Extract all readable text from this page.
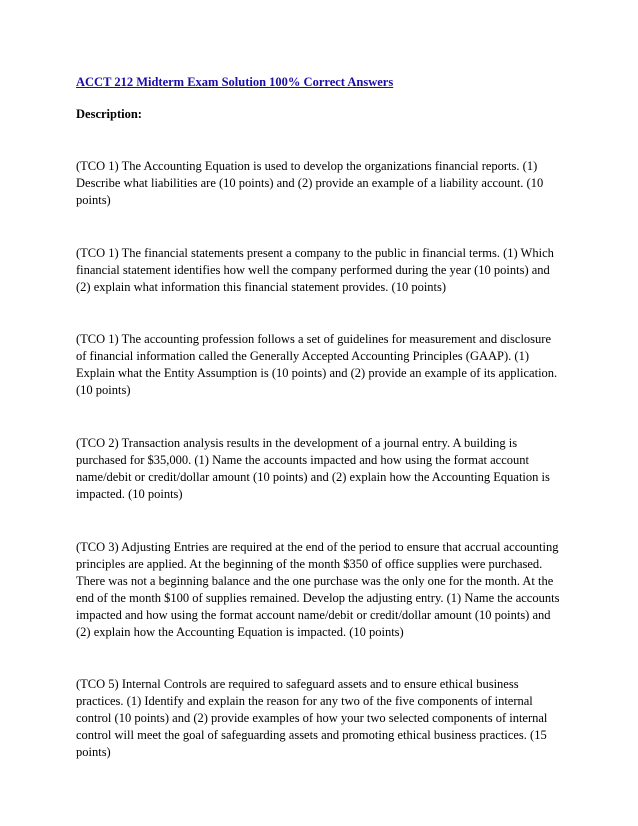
ACCT 212 Midterm Exam Solution 100% Correct Answers
Description:

(TCO 1) The Accounting Equation is used to develop the organizations financial reports. (1)
Describe what liabilities are (10 points) and (2) provide an example of a liability account. (10
points)

(TCO 1) The financial statements present a company to the public in financial terms. (1) Which
financial statement identifies how well the company performed during the year (10 points) and
(2) explain what information this financial statement provides. (10 points)

(TCO 1) The accounting profession follows a set of guidelines for measurement and disclosure
of financial information called the Generally Accepted Accounting Principles (GAAP). (1)
Explain what the Entity Assumption is (10 points) and (2) provide an example of its application.
(10 points)

(TCO 2) Transaction analysis results in the development of a journal entry. A building is
purchased for $35,000. (1) Name the accounts impacted and how using the format account
name/debit or credit/dollar amount (10 points) and (2) explain how the Accounting Equation is
impacted. (10 points)

(TCO 3) Adjusting Entries are required at the end of the period to ensure that accrual accounting
principles are applied. At the beginning of the month $350 of office supplies were purchased.
There was not a beginning balance and the one purchase was the only one for the month. At the
end of the month $100 of supplies remained. Develop the adjusting entry. (1) Name the accounts
impacted and how using the format account name/debit or credit/dollar amount (10 points) and
(2) explain how the Accounting Equation is impacted. (10 points)

(TCO 5) Internal Controls are required to safeguard assets and to ensure ethical business
practices. (1) Identify and explain the reason for any two of the five components of internal
control (10 points) and (2) provide examples of how your two selected components of internal
control will meet the goal of safeguarding assets and promoting ethical business practices. (15
points)
